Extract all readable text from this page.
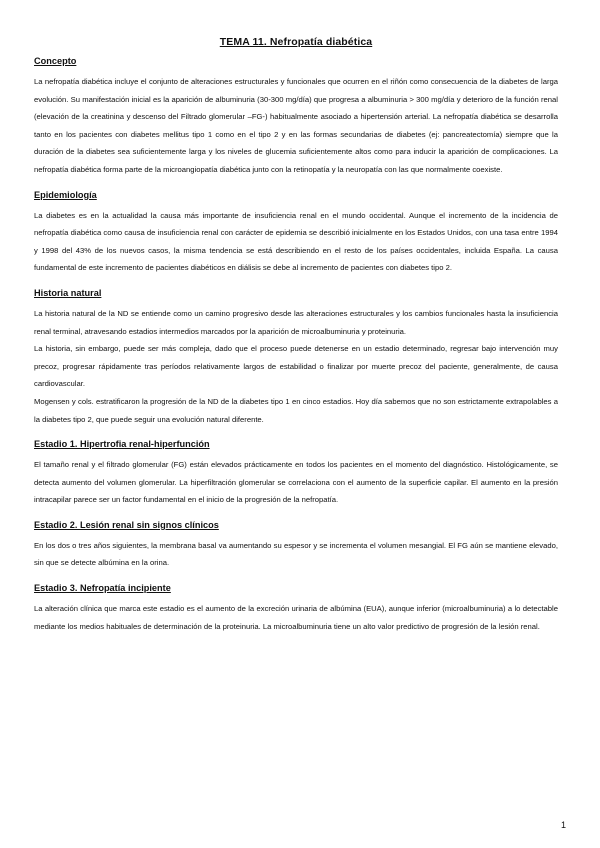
TEMA 11. Nefropatía diabética
Concepto

La nefropatía diabética incluye el conjunto de alteraciones estructurales y funcionales que ocurren en el riñón como consecuencia de la diabetes de larga evolución. Su manifestación inicial es la aparición de albuminuria (30-300 mg/día) que progresa a albuminuria > 300 mg/día y deterioro de la función renal (elevación de la creatinina y descenso del Filtrado glomerular –FG-) habitualmente asociado a hipertensión arterial. La nefropatía diabética se desarrolla tanto en los pacientes con diabetes mellitus tipo 1 como en el tipo 2 y en las formas secundarias de diabetes (ej: pancreatectomía) siempre que la duración de la diabetes sea suficientemente larga y los niveles de glucemia suficientemente altos como para inducir la aparición de complicaciones. La nefropatía diabética forma parte de la microangiopatía diabética junto con la retinopatía y la neuropatía con las que normalmente coexiste.

Epidemiología

La diabetes es en la actualidad la causa más importante de insuficiencia renal en el mundo occidental. Aunque el incremento de la incidencia de nefropatía diabética como causa de insuficiencia renal con carácter de epidemia se describió inicialmente en los Estados Unidos, con una tasa entre 1994 y 1998 del 43% de los nuevos casos, la misma tendencia se está describiendo en el resto de los países occidentales, incluida España. La causa fundamental de este incremento de pacientes diabéticos en diálisis se debe al incremento de pacientes con diabetes tipo 2.

Historia natural

La historia natural de la ND se entiende como un camino progresivo desde las alteraciones estructurales y los cambios funcionales hasta la insuficiencia renal terminal, atravesando estadios intermedios marcados por la aparición de microalbuminuria y proteinuria.

La historia, sin embargo, puede ser más compleja, dado que el proceso puede detenerse en un estadio determinado, regresar bajo intervención muy precoz, progresar rápidamente tras períodos relativamente largos de estabilidad o finalizar por muerte precoz del paciente, generalmente, de causa cardiovascular.

Mogensen y cols. estratificaron la progresión de la ND de la diabetes tipo 1 en cinco estadios. Hoy día sabemos que no son estrictamente extrapolables a la diabetes tipo 2, que puede seguir una evolución natural diferente.

Estadio 1. Hipertrofia renal-hiperfunción

El tamaño renal y el filtrado glomerular (FG) están elevados prácticamente en todos los pacientes en el momento del diagnóstico. Histológicamente, se detecta aumento del volumen glomerular. La hiperfiltración glomerular se correlaciona con el aumento de la superficie capilar. El aumento en la presión intracapilar parece ser un factor fundamental en el inicio de la progresión de la nefropatía.

Estadio 2. Lesión renal sin signos clínicos

En los dos o tres años siguientes, la membrana basal va aumentando su espesor y se incrementa el volumen mesangial. El FG aún se mantiene elevado, sin que se detecte albúmina en la orina.

Estadio 3. Nefropatía incipiente

La alteración clínica que marca este estadio es el aumento de la excreción urinaria de albúmina (EUA), aunque inferior (microalbuminuria) a lo detectable mediante los medios habituales de determinación de la proteinuria. La microalbuminuria tiene un alto valor predictivo de progresión de la lesión renal.

1
